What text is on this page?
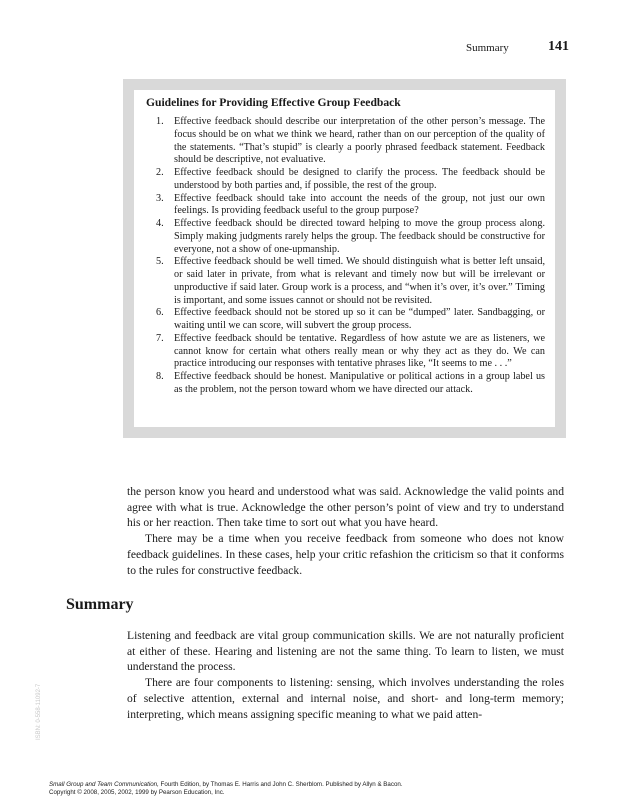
Summary	141
Guidelines for Providing Effective Group Feedback
1. Effective feedback should describe our interpretation of the other person’s message. The focus should be on what we think we heard, rather than on our perception of the quality of the statements. “That’s stupid” is clearly a poorly phrased feedback statement. Feedback should be descriptive, not evaluative.
2. Effective feedback should be designed to clarify the process. The feedback should be understood by both parties and, if possible, the rest of the group.
3. Effective feedback should take into account the needs of the group, not just our own feelings. Is providing feedback useful to the group purpose?
4. Effective feedback should be directed toward helping to move the group process along. Simply making judgments rarely helps the group. The feedback should be constructive for everyone, not a show of one-upmanship.
5. Effective feedback should be well timed. We should distinguish what is better left unsaid, or said later in private, from what is relevant and timely now but will be irrelevant or unproductive if said later. Group work is a process, and “when it’s over, it’s over.” Timing is important, and some issues cannot or should not be revisited.
6. Effective feedback should not be stored up so it can be “dumped” later. Sandbagging, or waiting until we can score, will subvert the group process.
7. Effective feedback should be tentative. Regardless of how astute we are as listeners, we cannot know for certain what others really mean or why they act as they do. We can practice introducing our responses with tentative phrases like, “It seems to me . . .”
8. Effective feedback should be honest. Manipulative or political actions in a group label us as the problem, not the person toward whom we have directed our attack.

the person know you heard and understood what was said. Acknowledge the valid points and agree with what is true. Acknowledge the other person’s point of view and try to understand his or her reaction. Then take time to sort out what you have heard.

There may be a time when you receive feedback from someone who does not know feedback guidelines. In these cases, help your critic refashion the criticism so that it conforms to the rules for constructive feedback.

Summary

Listening and feedback are vital group communication skills. We are not naturally proficient at either of these. Hearing and listening are not the same thing. To learn to listen, we must understand the process.

There are four components to listening: sensing, which involves understanding the roles of selective attention, external and internal noise, and short- and long-term memory; interpreting, which means assigning specific meaning to what we paid atten-

ISBN: 0-558-11092-7
Small Group and Team Communication, Fourth Edition, by Thomas E. Harris and John C. Sherblom. Published by Allyn & Bacon.
Copyright © 2008, 2005, 2002, 1999 by Pearson Education, Inc.
